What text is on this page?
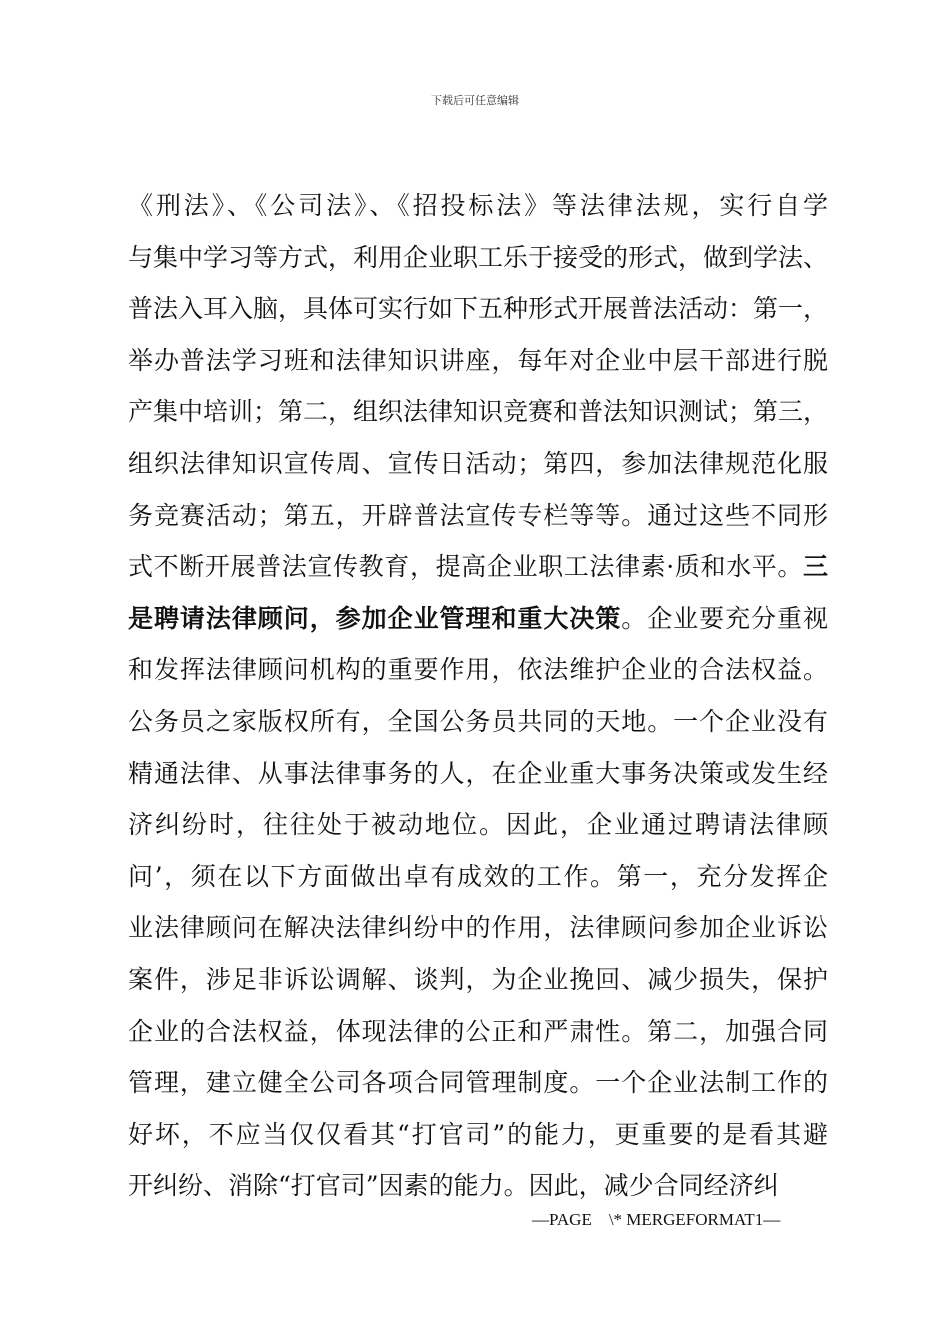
下载后可任意编辑
《刑法》、《公司法》、《招投标法》等法律法规，实行自学
与集中学习等方式，利用企业职工乐于接受的形式，做到学法、
普法入耳入脑，具体可实行如下五种形式开展普法活动：第一，
举办普法学习班和法律知识讲座，每年对企业中层干部进行脱
产集中培训；第二，组织法律知识竞赛和普法知识测试；第三，
组织法律知识宣传周、宣传日活动；第四，参加法律规范化服
务竞赛活动；第五，开辟普法宣传专栏等等。通过这些不同形
式不断开展普法宣传教育，提高企业职工法律素·质和水平。三
是聘请法律顾问，参加企业管理和重大决策。企业要充分重视
和发挥法律顾问机构的重要作用，依法维护企业的合法权益。
公务员之家版权所有，全国公务员共同的天地。一个企业没有
精通法律、从事法律事务的人，在企业重大事务决策或发生经
济纠纷时，往往处于被动地位。因此，企业通过聘请法律顾
问’，须在以下方面做出卓有成效的工作。第一，充分发挥企
业法律顾问在解决法律纠纷中的作用，法律顾问参加企业诉讼
案件，涉足非诉讼调解、谈判，为企业挽回、减少损失，保护
企业的合法权益，体现法律的公正和严肃性。第二，加强合同
管理，建立健全公司各项合同管理制度。一个企业法制工作的
好坏，不应当仅仅看其“打官司”的能力，更重要的是看其避
开纠纷、消除“打官司”因素的能力。因此，减少合同经济纠
—PAGE    \* MERGEFORMAT1—
